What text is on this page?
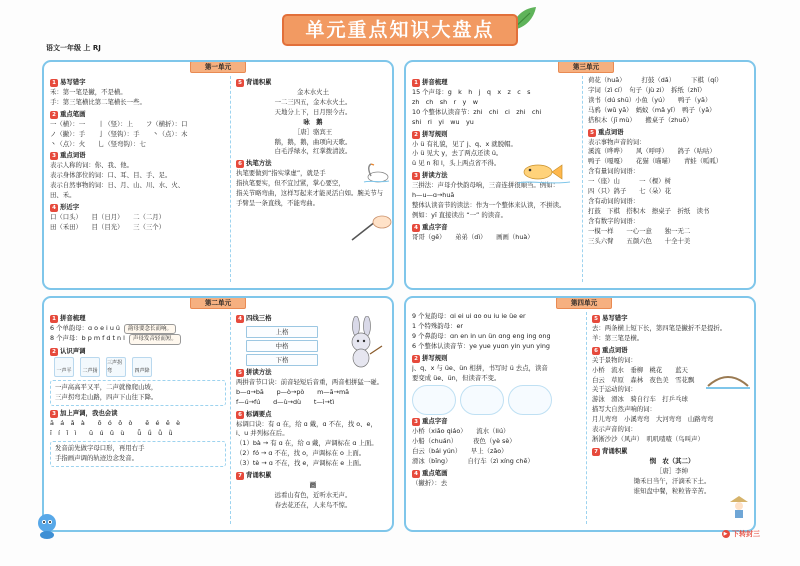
单元重点知识大盘点
语文一年级 上 RJ
第一单元
1 易写错字
禾：第一笔是撇，不是横。
手：第三笔横比第二笔横长一些。
2 重点笔画
一（横）：一　　丨（竖）：上　　フ（横折）：口
ノ（撇）：手　　亅（竖钩）：手　　丶（点）：木
丶（点）：火　　乚（竖弯钩）：七
3 重点词语
表示人称的词：你、我、他。
表示身体部位的词：口、耳、目、手、足。
表示自然事物的词：日、月、山、川、水、火、
田、禾。
4 形近字
口（口头）　　目（日月）　　二（二月）
田（禾田）　　目（目光）　　三（三个）
5 背诵积累
金木水火土
一二三四五，金木水火土。
天地分上下，日月照今古。
咏　鹅
［唐］骆宾王
鹅，鹅，鹅，曲项向天歌。
白毛浮绿水，红掌拨清波。
6 执笔方法
执笔要做到“指实掌虚”，就是手
指执笔要实，但不宜过紧，掌心要空，
指关节略弯曲，这样写起来才能灵活自如。腕关节与
手臂呈一条直线，不能弯曲。
第二单元
1 拼音梳理
6 个单韵母：ɑ o e i u ü 韵母要念长而响。
8 个声母：b p m f d t n l 声母发音轻而短。
2 认识声调
一声平	二声扬
三声拐弯	四声降
一声高高平又平，二声就像爬山坡，
三声拐弯走山路，四声下山往下降。
3 加上声调，我也会读
ā　á　ǎ　à　　ō　ó　ǒ　ò　　ē　é　ě　è
ī　í　ǐ　ì　　ū　ú　ǔ　ù　　ǖ　ǘ　ǚ　ǜ
发音前先做字母口形，再用右手
手指画声调的轨迹边念发音。
4 四线三格
上格
中格
下格
5 拼读方法
两拼音节口诀：前音轻短后音重，两音相拼猛一碰。
b—ɑ→bā　　p—ò→pò　　m—ā→mā
f—ú→fú　　d—ù→dù　　t—ì→tì
6 标调要点
标调口诀：有 ɑ 在，给 ɑ 戴，ɑ 不在，找 o、e，
i、u 并列标在后。
（1）bà → 有 ɑ 在，给 ɑ 戴，声调标在 ɑ 上面。
（2）fó → ɑ 不在，找 o，声调标在 o 上面。
（3）tè → ɑ 不在，找 e，声调标在 e 上面。
7 背诵积累
画
远看山有色，近听水无声。
春去花还在，人来鸟不惊。
第三单元
1 拼音梳理
15 个声母：g　k　h　j　q　x　z　c　s
zh　ch　sh　r　y　w
10 个整体认读音节：zhi　chi　ci　zhi　chi
shi　ri　yi　wu　yu
2 拼写规则
小 ü 有礼貌，见了 j、q、x 就脱帽。
小 ü 见大 y，去了两点还读 ü。
ü 见 n 和 l，头上两点省不得。
3 拼读方法
三拼法：声母介快韵母响，三音连拼很顺当。例如：
h—u—ɑ→huā
整体认读音节的读法：作为一个整体来认读，不拼读。
例如：yī 直接读出 “一” 的读音。
4 重点字音
哥哥（gē）　　弟弟（dì）　　画画（huà）
荷花（huā）　　　打鼓（dǎ）　　　下棋（qí）
字词（zì cí）　句子（jù zi）　拆纸（zhǐ）
读书（dú shū）小鱼（yú）　　鸭子（yā）
马鸦（wǔ yā）　蚂蚁（mǎ yǐ）　鸭子（yā）
搭积木（jī mù）　　搬桌子（zhuō）
5 重点词语
表示事物声音的词：
溪流（哗哗）　　风（呼呼）　　鸽子（咕咕）
鸭子（嘎嘎）　　花猫（喵喵）　　青蛙（呱呱）
含有量词的词语：
一（座）山　　　一（棵）树
四（只）鸽子　　七（朵）花
含有动词的词语：
打鼓　下棋　搭积木　擦桌子　折纸　读书
含有数字的词语：
一模一样　　一心一意　　独一无二
三头六臂　　五颜六色　　十全十美
第四单元
9 个复韵母：ɑi ei ui ɑo ou iu ie üe er
1 个特殊韵母：er
9 个鼻韵母：ɑn en in un ün ɑng eng ing ong
6 个整体认读音节：ye yue yuɑn yin yun ying
2 拼写规则
j、q、x 与 üe、ün 相拼，书写时 ü 去点，读音
要变成 üe、ün，但读音不变。
3 重点字音
小桥（xiǎo qiáo）　　流水（liú）
小船（chuán）　　　夜色（yè sè）
白云（bái yún）　　早上（zǎo）
滑冰（bīng）　　　自行车（zì xíng chē）
4 重点笔画
（撇折）：去
5 易写错字
去：两条横上短下长，第四笔是撇折不是提折。
羊：第三笔是横。
6 重点词语
关于景物的词：
小桥　流水　垂柳　桃花　　蓝天
白云　草原　森林　夜色美　雪花飘
关于运动的词：
游泳　滑冰　骑自行车　打乒乓球
描写大自然声响的词：
月儿弯弯　小溪弯弯　大河弯弯　山路弯弯
表示声音的词：
淅淅沙沙（风声）　叽叽喳喳（鸟叫声）
7 背诵积累
悯　农（其二）
［唐］李绅
锄禾日当午，汗滴禾下土。
谁知盘中餐，粒粒皆辛苦。
▶ 下转封三
